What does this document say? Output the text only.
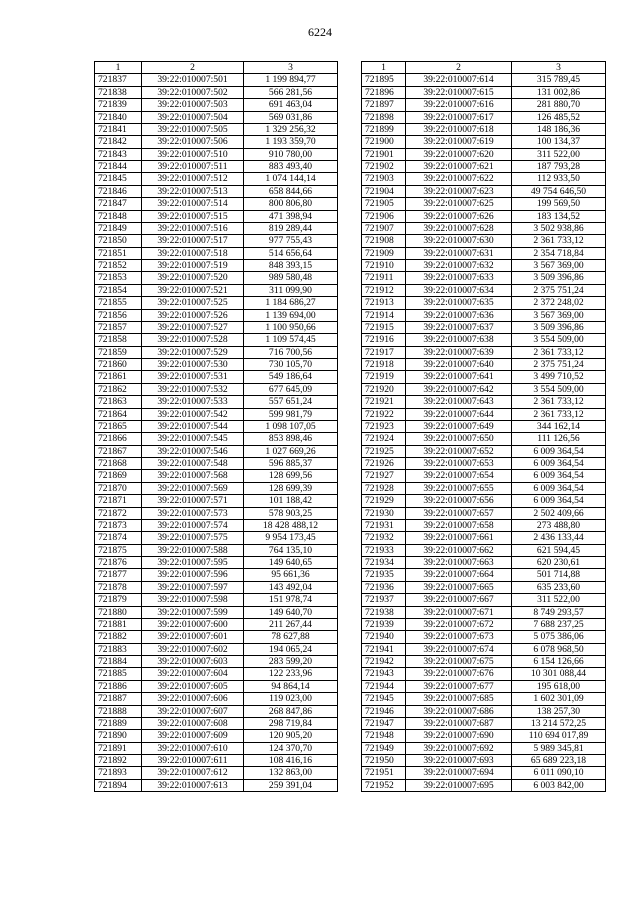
6224
1	2	3
721837	39:22:010007:501	1 199 894,77
721838	39:22:010007:502	566 281,56
721839	39:22:010007:503	691 463,04
721840	39:22:010007:504	569 031,86
721841	39:22:010007:505	1 329 256,32
721842	39:22:010007:506	1 193 359,70
721843	39:22:010007:510	910 780,00
721844	39:22:010007:511	883 493,40
721845	39:22:010007:512	1 074 144,14
721846	39:22:010007:513	658 844,66
721847	39:22:010007:514	800 806,80
721848	39:22:010007:515	471 398,94
721849	39:22:010007:516	819 289,44
721850	39:22:010007:517	977 755,43
721851	39:22:010007:518	514 656,64
721852	39:22:010007:519	848 393,15
721853	39:22:010007:520	989 580,48
721854	39:22:010007:521	311 099,90
721855	39:22:010007:525	1 184 686,27
721856	39:22:010007:526	1 139 694,00
721857	39:22:010007:527	1 100 950,66
721858	39:22:010007:528	1 109 574,45
721859	39:22:010007:529	716 700,56
721860	39:22:010007:530	730 105,70
721861	39:22:010007:531	549 186,64
721862	39:22:010007:532	677 645,09
721863	39:22:010007:533	557 651,24
721864	39:22:010007:542	599 981,79
721865	39:22:010007:544	1 098 107,05
721866	39:22:010007:545	853 898,46
721867	39:22:010007:546	1 027 669,26
721868	39:22:010007:548	596 885,37
721869	39:22:010007:568	128 699,56
721870	39:22:010007:569	128 699,39
721871	39:22:010007:571	101 188,42
721872	39:22:010007:573	578 903,25
721873	39:22:010007:574	18 428 488,12
721874	39:22:010007:575	9 954 173,45
721875	39:22:010007:588	764 135,10
721876	39:22:010007:595	149 640,65
721877	39:22:010007:596	95 661,36
721878	39:22:010007:597	143 492,04
721879	39:22:010007:598	151 978,74
721880	39:22:010007:599	149 640,70
721881	39:22:010007:600	211 267,44
721882	39:22:010007:601	78 627,88
721883	39:22:010007:602	194 065,24
721884	39:22:010007:603	283 599,20
721885	39:22:010007:604	122 233,96
721886	39:22:010007:605	94 864,14
721887	39:22:010007:606	119 023,00
721888	39:22:010007:607	268 847,86
721889	39:22:010007:608	298 719,84
721890	39:22:010007:609	120 905,20
721891	39:22:010007:610	124 370,70
721892	39:22:010007:611	108 416,16
721893	39:22:010007:612	132 863,00
721894	39:22:010007:613	259 391,04
1	2	3
721895	39:22:010007:614	315 789,45
721896	39:22:010007:615	131 002,86
721897	39:22:010007:616	281 880,70
721898	39:22:010007:617	126 485,52
721899	39:22:010007:618	148 186,36
721900	39:22:010007:619	100 134,37
721901	39:22:010007:620	311 522,00
721902	39:22:010007:621	187 793,28
721903	39:22:010007:622	112 933,50
721904	39:22:010007:623	49 754 646,50
721905	39:22:010007:625	199 569,50
721906	39:22:010007:626	183 134,52
721907	39:22:010007:628	3 502 938,86
721908	39:22:010007:630	2 361 733,12
721909	39:22:010007:631	2 354 718,84
721910	39:22:010007:632	3 567 369,00
721911	39:22:010007:633	3 509 396,86
721912	39:22:010007:634	2 375 751,24
721913	39:22:010007:635	2 372 248,02
721914	39:22:010007:636	3 567 369,00
721915	39:22:010007:637	3 509 396,86
721916	39:22:010007:638	3 554 509,00
721917	39:22:010007:639	2 361 733,12
721918	39:22:010007:640	2 375 751,24
721919	39:22:010007:641	3 499 710,52
721920	39:22:010007:642	3 554 509,00
721921	39:22:010007:643	2 361 733,12
721922	39:22:010007:644	2 361 733,12
721923	39:22:010007:649	344 162,14
721924	39:22:010007:650	111 126,56
721925	39:22:010007:652	6 009 364,54
721926	39:22:010007:653	6 009 364,54
721927	39:22:010007:654	6 009 364,54
721928	39:22:010007:655	6 009 364,54
721929	39:22:010007:656	6 009 364,54
721930	39:22:010007:657	2 502 409,66
721931	39:22:010007:658	273 488,80
721932	39:22:010007:661	2 436 133,44
721933	39:22:010007:662	621 594,45
721934	39:22:010007:663	620 230,61
721935	39:22:010007:664	501 714,88
721936	39:22:010007:665	635 233,60
721937	39:22:010007:667	311 522,00
721938	39:22:010007:671	8 749 293,57
721939	39:22:010007:672	7 688 237,25
721940	39:22:010007:673	5 075 386,06
721941	39:22:010007:674	6 078 968,50
721942	39:22:010007:675	6 154 126,66
721943	39:22:010007:676	10 301 088,44
721944	39:22:010007:677	195 618,00
721945	39:22:010007:685	1 602 301,09
721946	39:22:010007:686	138 257,30
721947	39:22:010007:687	13 214 572,25
721948	39:22:010007:690	110 694 017,89
721949	39:22:010007:692	5 989 345,81
721950	39:22:010007:693	65 689 223,18
721951	39:22:010007:694	6 011 090,10
721952	39:22:010007:695	6 003 842,00
